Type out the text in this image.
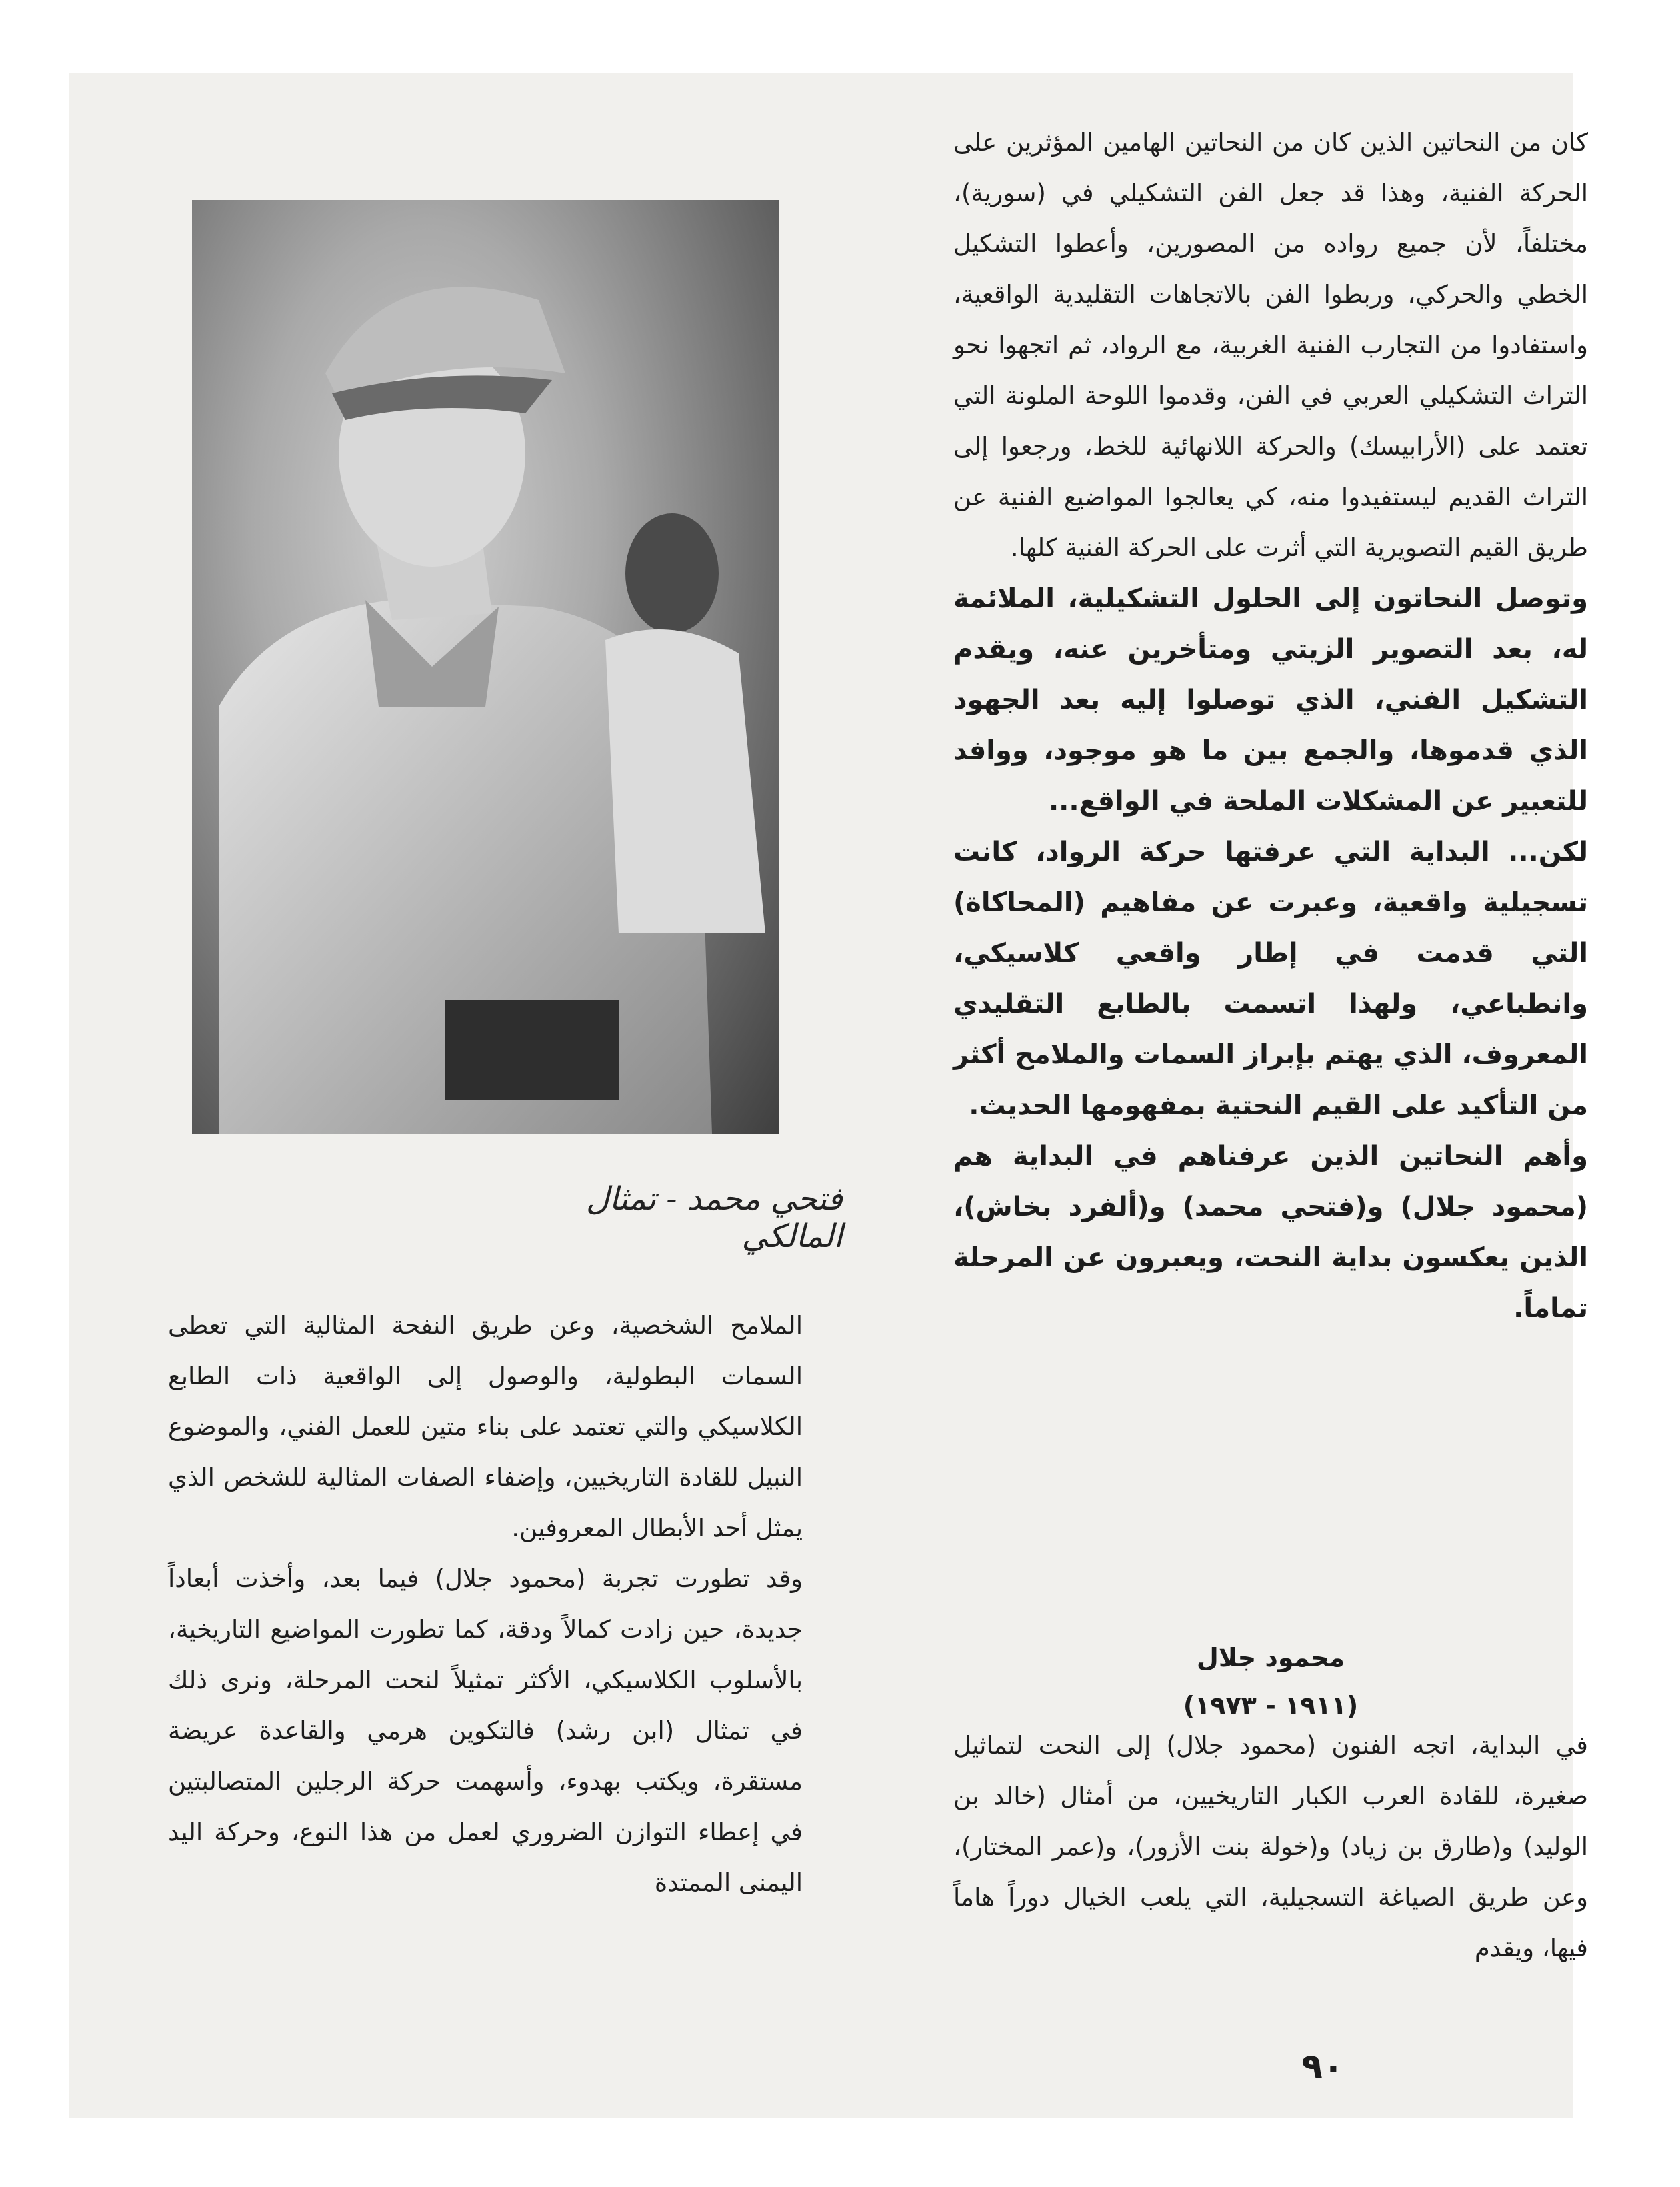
كان من النحاتين الذين كان من النحاتين الهامين المؤثرين على الحركة الفنية، وهذا قد جعل الفن التشكيلي في (سورية)، مختلفاً، لأن جميع رواده من المصورين، وأعطوا التشكيل الخطي والحركي، وربطوا الفن بالاتجاهات التقليدية الواقعية، واستفادوا من التجارب الفنية الغربية، مع الرواد، ثم اتجهوا نحو التراث التشكيلي العربي في الفن، وقدموا اللوحة الملونة التي تعتمد على (الأرابيسك) والحركة اللانهائية للخط، ورجعوا إلى التراث القديم ليستفيدوا منه، كي يعالجوا المواضيع الفنية عن طريق القيم التصويرية التي أثرت على الحركة الفنية كلها.

وتوصل النحاتون إلى الحلول التشكيلية، الملائمة له، بعد التصوير الزيتي ومتأخرين عنه، ويقدم التشكيل الفني، الذي توصلوا إليه بعد الجهود الذي قدموها، والجمع بين ما هو موجود، ووافد للتعبير عن المشكلات الملحة في الواقع...

لكن... البداية التي عرفتها حركة الرواد، كانت تسجيلية واقعية، وعبرت عن مفاهيم (المحاكاة) التي قدمت في إطار واقعي كلاسيكي، وانطباعي، ولهذا اتسمت بالطابع التقليدي المعروف، الذي يهتم بإبراز السمات والملامح أكثر من التأكيد على القيم النحتية بمفهومها الحديث.

وأهم النحاتين الذين عرفناهم في البداية هم (محمود جلال) و(فتحي محمد) و(ألفرد بخاش)، الذين يعكسون بداية النحت، ويعبرون عن المرحلة تماماً.

محمود جلال
(١٩١١ - ١٩٧٣)
في البداية، اتجه الفنون (محمود جلال) إلى النحت لتماثيل صغيرة، للقادة العرب الكبار التاريخيين، من أمثال (خالد بن الوليد) و(طارق بن زياد) و(خولة بنت الأزور)، و(عمر المختار)، وعن طريق الصياغة التسجيلية، التي يلعب الخيال دوراً هاماً فيها، ويقدم
فتحي محمد - تمثال المالكي

الملامح الشخصية، وعن طريق النفحة المثالية التي تعطى السمات البطولية، والوصول إلى الواقعية ذات الطابع الكلاسيكي والتي تعتمد على بناء متين للعمل الفني، والموضوع النبيل للقادة التاريخيين، وإضفاء الصفات المثالية للشخص الذي يمثل أحد الأبطال المعروفين.

وقد تطورت تجربة (محمود جلال) فيما بعد، وأخذت أبعاداً جديدة، حين زادت كمالاً ودقة، كما تطورت المواضيع التاريخية، بالأسلوب الكلاسيكي، الأكثر تمثيلاً لنحت المرحلة، ونرى ذلك في تمثال (ابن رشد) فالتكوين هرمي والقاعدة عريضة مستقرة، ويكتب بهدوء، وأسهمت حركة الرجلين المتصالبتين في إعطاء التوازن الضروري لعمل من هذا النوع، وحركة اليد اليمنى الممتدة

٩٠
